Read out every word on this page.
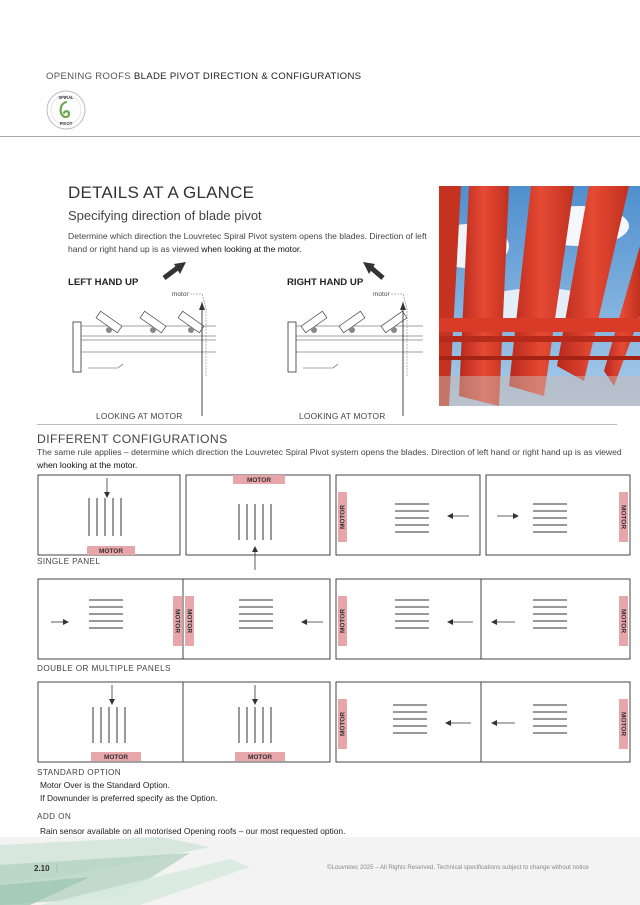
OPENING ROOFS BLADE PIVOT DIRECTION & CONFIGURATIONS
SPIRAL
PIVOT
DETAILS AT A GLANCE
Specifying direction of blade pivot
Determine which direction the Louvretec Spiral Pivot system opens the blades. Direction of left hand or right hand up is as viewed when looking at the motor.
LEFT HAND UP	RIGHT HAND UP
motor	motor
LOOKING AT MOTOR	LOOKING AT MOTOR
DIFFERENT CONFIGURATIONS
The same rule applies – determine which direction the Louvretec Spiral Pivot system opens the blades. Direction of left hand or right hand up is as viewed when looking at the motor.
MOTOR
MOTOR
MOTOR	MOTOR
SINGLE PANEL
MOTOR MOTOR	MOTOR	MOTOR
DOUBLE OR MULTIPLE PANELS
MOTOR	MOTOR
MOTOR	MOTOR
STANDARD OPTION
Motor Over is the Standard Option.
If Downunder is preferred specify as the Option.
ADD ON
Rain sensor available on all motorised Opening roofs – our most requested option.
2.10 |	©Louvretec 2025 – All Rights Reserved. Technical specifications subject to change without notice
